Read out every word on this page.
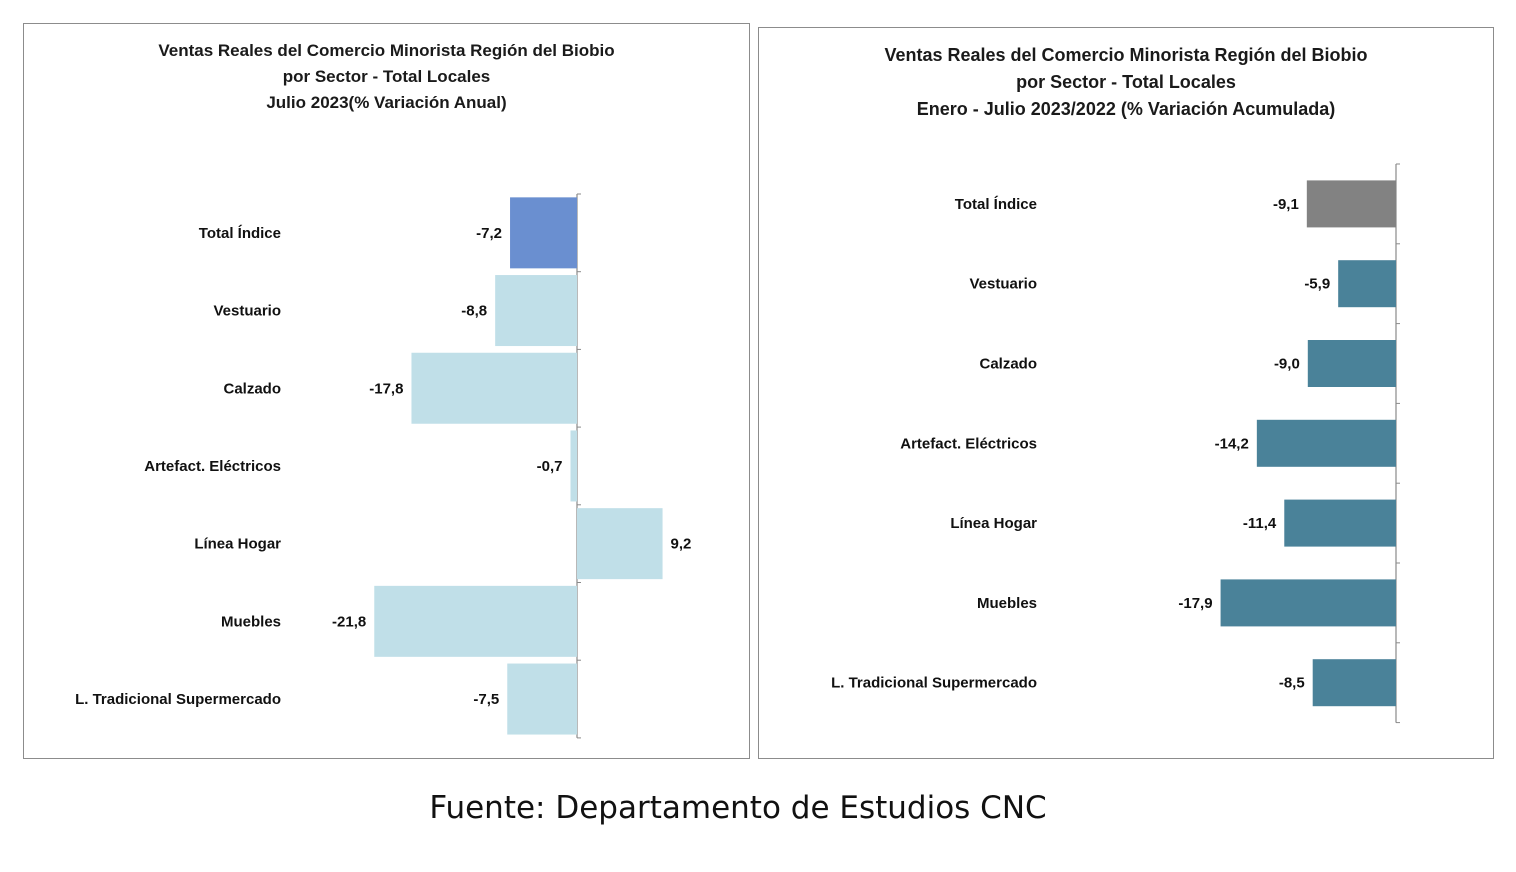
Ventas Reales del Comercio Minorista Región del Biobio
por Sector - Total Locales
Julio 2023(% Variación Anual)
Total Índice	-7,2
Vestuario	-8,8
Calzado	-17,8
Artefact. Eléctricos	-0,7
Línea Hogar	9,2
Muebles	-21,8
L. Tradicional Supermercado	-7,5
Ventas Reales del Comercio Minorista Región del Biobio
por Sector - Total Locales
Enero - Julio 2023/2022 (% Variación Acumulada)
Total Índice	-9,1
Vestuario	-5,9
Calzado	-9,0
Artefact. Eléctricos	-14,2
Línea Hogar	-11,4
Muebles	-17,9
L. Tradicional Supermercado	-8,5
Fuente: Departamento de Estudios CNC
